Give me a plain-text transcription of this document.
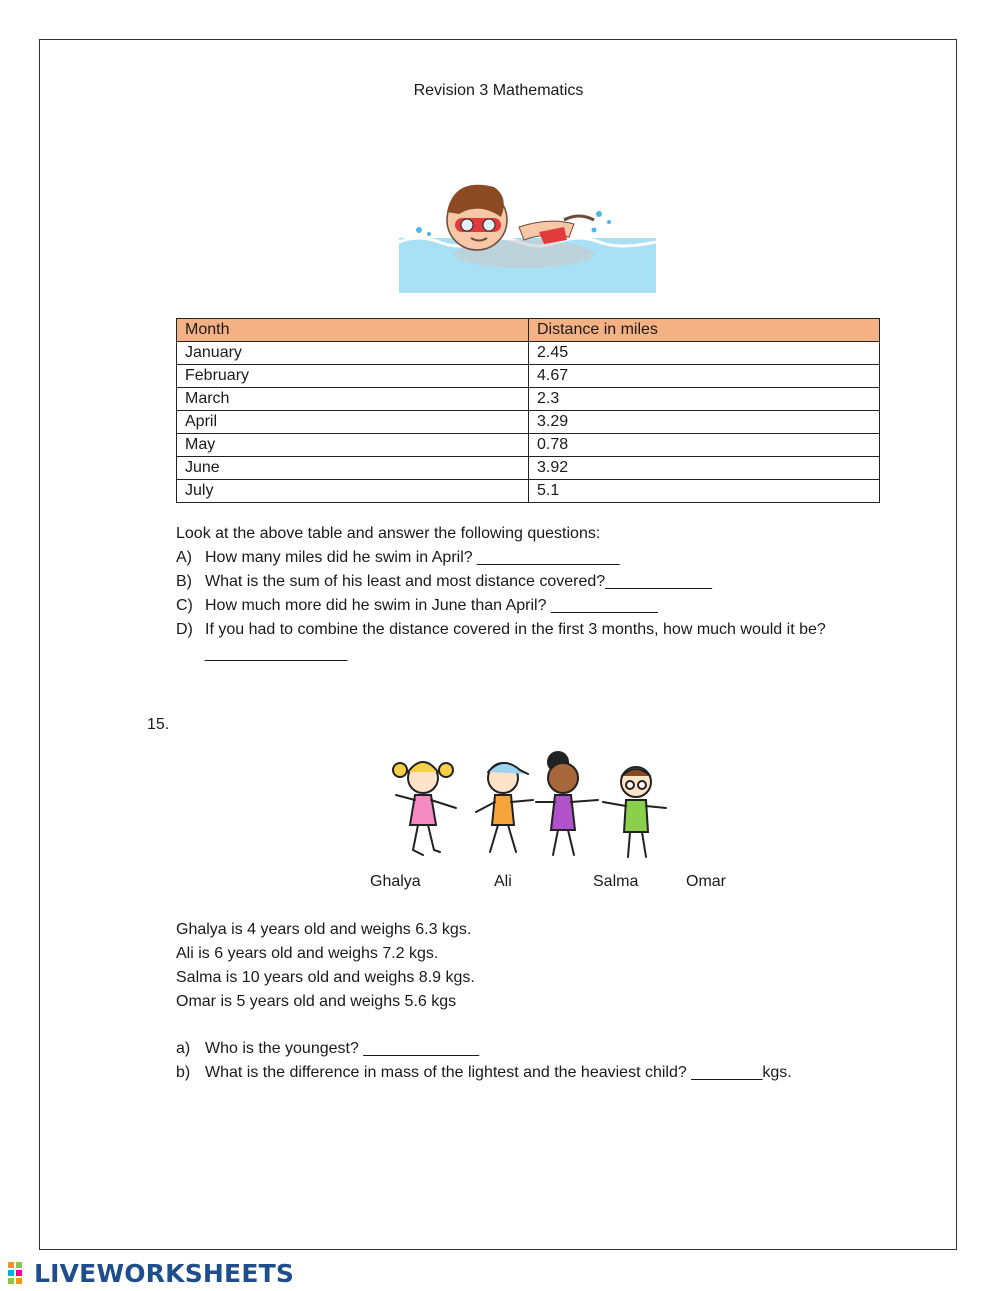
Revision 3 Mathematics
Month	Distance in miles
January	2.45
February	4.67
March	2.3
April	3.29
May	0.78
June	3.92
July	5.1
Look at the above table and answer the following questions:
A) How many miles did he swim in April? ________________
B) What is the sum of his least and most distance covered?____________
C) How much more did he swim in June than April? ____________
D) If you had to combine the distance covered in the first 3 months, how much would it be?
________________
15.
Ghalya	Ali	Salma	Omar
Ghalya is 4 years old and weighs 6.3 kgs.
Ali is 6 years old and weighs 7.2 kgs.
Salma is 10 years old and weighs 8.9 kgs.
Omar is 5 years old and weighs 5.6 kgs
a) Who is the youngest? _____________
b) What is the difference in mass of the lightest and the heaviest child? ________kgs.
LIVEWORKSHEETS
